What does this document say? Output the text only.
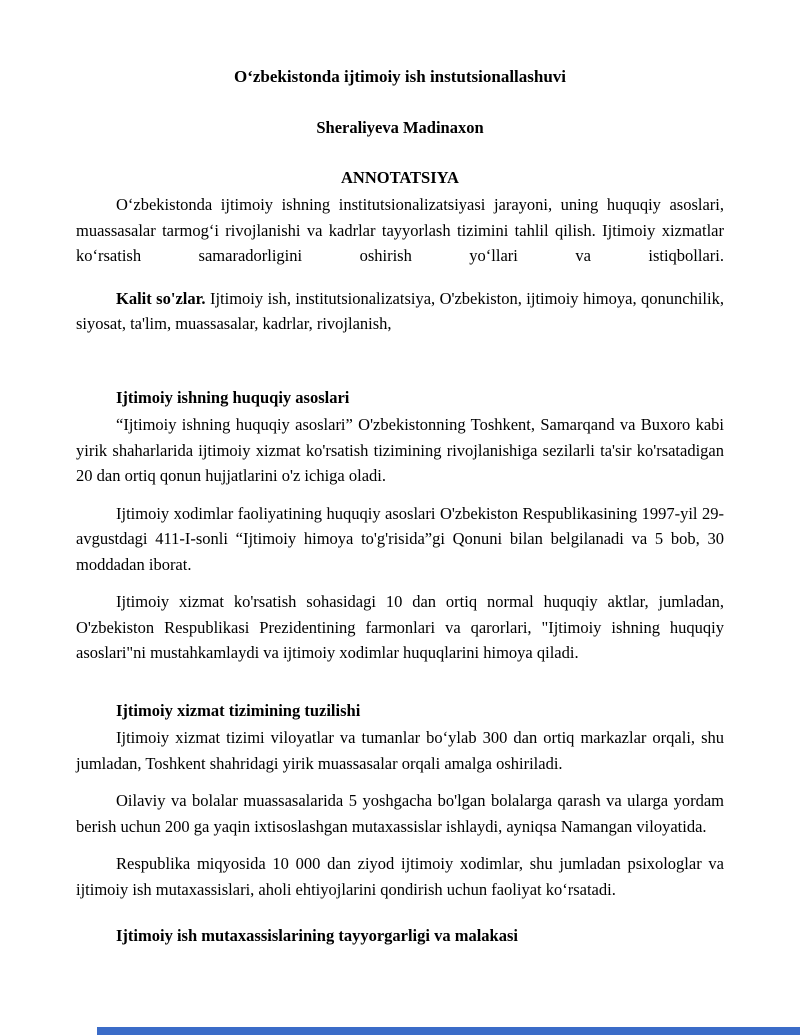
O‘zbekistonda ijtimoiy ish instutsionallashuvi
Sheraliyeva Madinaxon
ANNOTATSIYA

O‘zbekistonda ijtimoiy ishning institutsionalizatsiyasi jarayoni, uning huquqiy asoslari, muassasalar tarmog‘i rivojlanishi va kadrlar tayyorlash tizimini tahlil qilish. Ijtimoiy xizmatlar ko‘rsatish samaradorligini oshirish yo‘llari va istiqbollari.

Kalit so'zlar. Ijtimoiy ish, institutsionalizatsiya, O'zbekiston, ijtimoiy himoya, qonunchilik, siyosat, ta'lim, muassasalar, kadrlar, rivojlanish,

Ijtimoiy ishning huquqiy asoslari

“Ijtimoiy ishning huquqiy asoslari” O'zbekistonning Toshkent, Samarqand va Buxoro kabi yirik shaharlarida ijtimoiy xizmat ko'rsatish tizimining rivojlanishiga sezilarli ta'sir ko'rsatadigan 20 dan ortiq qonun hujjatlarini o'z ichiga oladi.

Ijtimoiy xodimlar faoliyatining huquqiy asoslari O'zbekiston Respublikasining 1997-yil 29-avgustdagi 411-I-sonli “Ijtimoiy himoya to'g'risida”gi Qonuni bilan belgilanadi va 5 bob, 30 moddadan iborat.

Ijtimoiy xizmat ko'rsatish sohasidagi 10 dan ortiq normal huquqiy aktlar, jumladan, O'zbekiston Respublikasi Prezidentining farmonlari va qarorlari, "Ijtimoiy ishning huquqiy asoslari"ni mustahkamlaydi va ijtimoiy xodimlar huquqlarini himoya qiladi.

Ijtimoiy xizmat tizimining tuzilishi

Ijtimoiy xizmat tizimi viloyatlar va tumanlar bo‘ylab 300 dan ortiq markazlar orqali, shu jumladan, Toshkent shahridagi yirik muassasalar orqali amalga oshiriladi.

Oilaviy va bolalar muassasalarida 5 yoshgacha bo'lgan bolalarga qarash va ularga yordam berish uchun 200 ga yaqin ixtisoslashgan mutaxassislar ishlaydi, ayniqsa Namangan viloyatida.

Respublika miqyosida 10 000 dan ziyod ijtimoiy xodimlar, shu jumladan psixologlar va ijtimoiy ish mutaxassislari, aholi ehtiyojlarini qondirish uchun faoliyat ko‘rsatadi.

Ijtimoiy ish mutaxassislarining tayyorgarligi va malakasi
